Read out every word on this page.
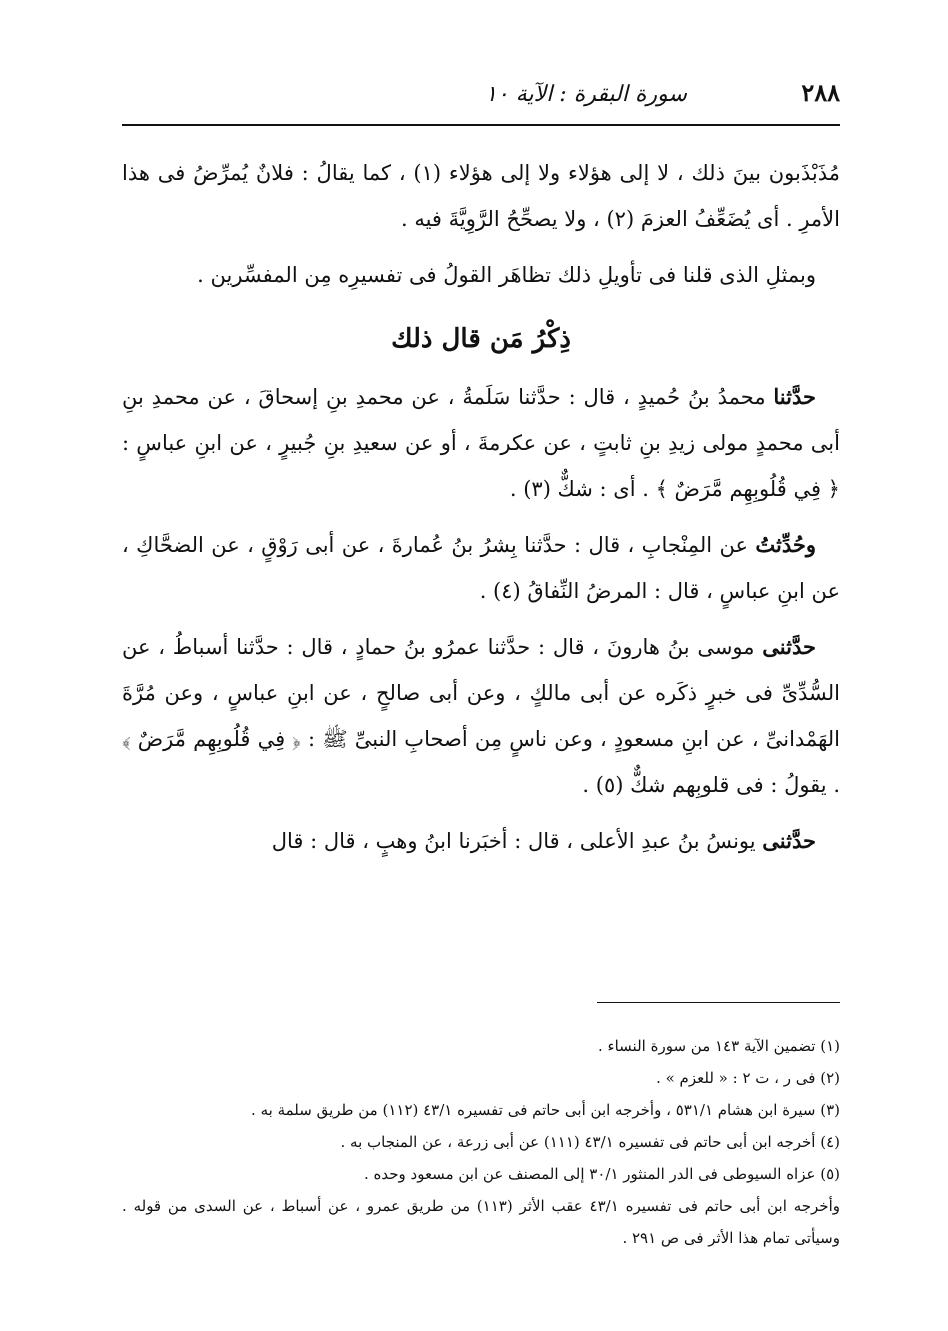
٢٨٨
سورة البقرة : الآية ١٠

مُذَبْذَبون بينَ ذلك ، لا إلى هؤلاء ولا إلى هؤلاء (١) ، كما يقالُ : فلانٌ يُمرِّضُ فى هذا الأمرِ . أى يُضَعِّفُ العزمَ (٢) ، ولا يصحِّحُ الرَّوِيَّةَ فيه .

وبمثلِ الذى قلنا فى تأويلِ ذلك تظاهَر القولُ فى تفسيرِه مِن المفسِّرين .

ذِكْرُ مَن قال ذلك

حدَّثنا محمدُ بنُ حُميدٍ ، قال : حدَّثنا سَلَمةُ ، عن محمدِ بنِ إسحاقَ ، عن محمدِ بنِ أبى محمدٍ مولى زيدِ بنِ ثابتٍ ، عن عكرمةَ ، أو عن سعيدِ بنِ جُبيرٍ ، عن ابنِ عباسٍ : ﴿ فِي قُلُوبِهِم مَّرَضٌ ﴾ . أى : شكٌّ (٣) .

وحُدِّثتُ عن المِنْجابِ ، قال : حدَّثنا بِشرُ بنُ عُمارةَ ، عن أبى رَوْقٍ ، عن الضحَّاكِ ، عن ابنِ عباسٍ ، قال : المرضُ النِّفاقُ (٤) .

حدَّثنى موسى بنُ هارونَ ، قال : حدَّثنا عمرُو بنُ حمادٍ ، قال : حدَّثنا أسباطُ ، عن السُّدِّىِّ فى خبرٍ ذكَره عن أبى مالكٍ ، وعن أبى صالحٍ ، عن ابنِ عباسٍ ، وعن مُرَّةَ الهَمْدانىِّ ، عن ابنِ مسعودٍ ، وعن ناسٍ مِن أصحابِ النبىِّ ﷺ : ﴿ فِي قُلُوبِهِم مَّرَضٌ ﴾ . يقولُ : فى قلوبِهم شكٌّ (٥) .

حدَّثنى يونسُ بنُ عبدِ الأعلى ، قال : أخبَرنا ابنُ وهبٍ ، قال : قال

(١) تضمين الآية ١٤٣ من سورة النساء .

(٢) فى ر ، ت ٢ : « للعزم » .

(٣) سيرة ابن هشام ٥٣١/١ ، وأخرجه ابن أبى حاتم فى تفسيره ٤٣/١ (١١٢) من طريق سلمة به .

(٤) أخرجه ابن أبى حاتم فى تفسيره ٤٣/١ (١١١) عن أبى زرعة ، عن المنجاب به .

(٥) عزاه السيوطى فى الدر المنثور ٣٠/١ إلى المصنف عن ابن مسعود وحده .

وأخرجه ابن أبى حاتم فى تفسيره ٤٣/١ عقب الأثر (١١٣) من طريق عمرو ، عن أسباط ، عن السدى من قوله . وسيأتى تمام هذا الأثر فى ص ٢٩١ .
